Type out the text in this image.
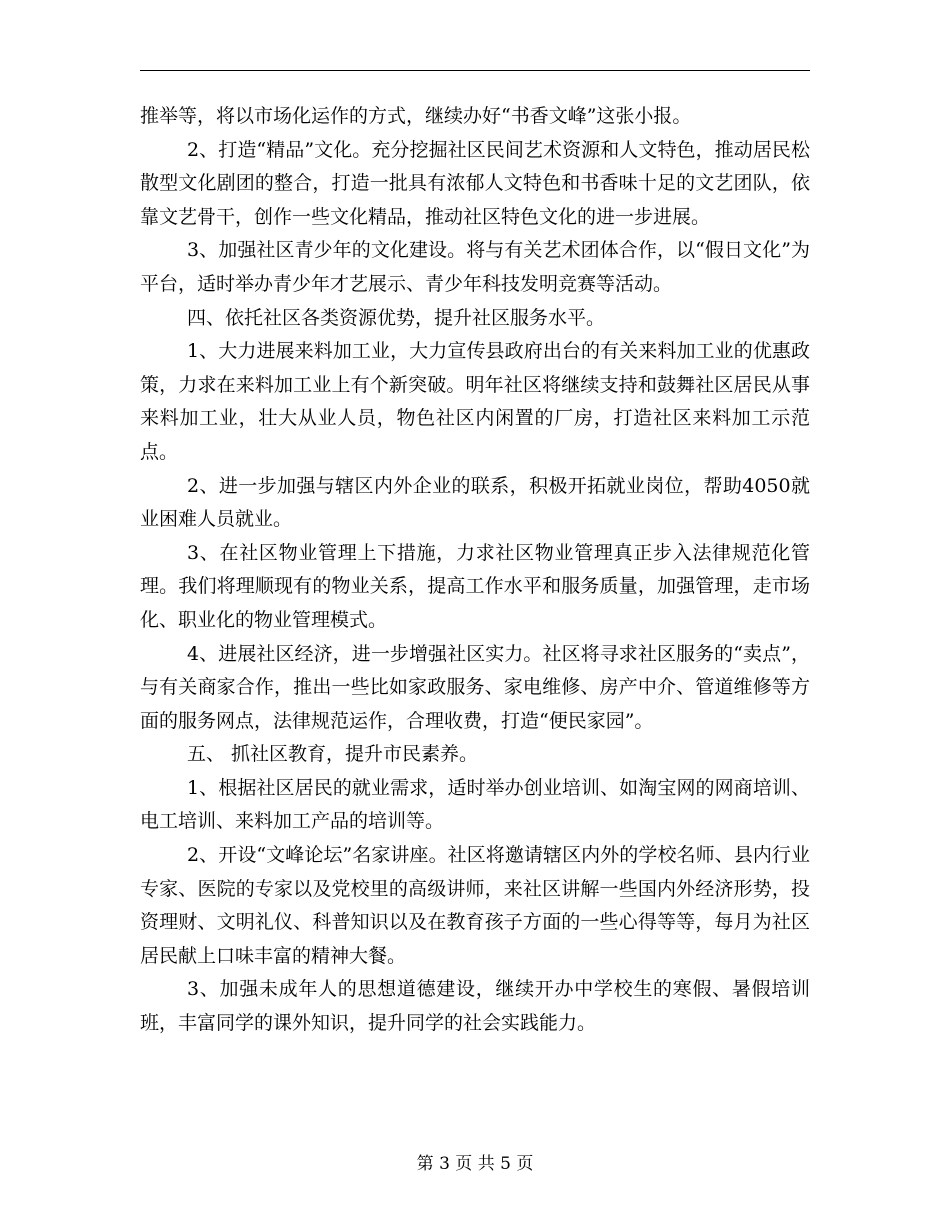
推举等，将以市场化运作的方式，继续办好“书香文峰”这张小报。

2、打造“精品”文化。充分挖掘社区民间艺术资源和人文特色，推动居民松散型文化剧团的整合，打造一批具有浓郁人文特色和书香味十足的文艺团队，依靠文艺骨干，创作一些文化精品，推动社区特色文化的进一步进展。

3、加强社区青少年的文化建设。将与有关艺术团体合作，以“假日文化”为平台，适时举办青少年才艺展示、青少年科技发明竞赛等活动。

四、依托社区各类资源优势，提升社区服务水平。

1、大力进展来料加工业，大力宣传县政府出台的有关来料加工业的优惠政策，力求在来料加工业上有个新突破。明年社区将继续支持和鼓舞社区居民从事来料加工业，壮大从业人员，物色社区内闲置的厂房，打造社区来料加工示范点。

2、进一步加强与辖区内外企业的联系，积极开拓就业岗位，帮助4050就业困难人员就业。

3、在社区物业管理上下措施，力求社区物业管理真正步入法律规范化管理。我们将理顺现有的物业关系，提高工作水平和服务质量，加强管理，走市场化、职业化的物业管理模式。

4、进展社区经济，进一步增强社区实力。社区将寻求社区服务的“卖点”，与有关商家合作，推出一些比如家政服务、家电维修、房产中介、管道维修等方面的服务网点，法律规范运作，合理收费，打造“便民家园”。

五、 抓社区教育，提升市民素养。

1、根据社区居民的就业需求，适时举办创业培训、如淘宝网的网商培训、电工培训、来料加工产品的培训等。

2、开设“文峰论坛”名家讲座。社区将邀请辖区内外的学校名师、县内行业专家、医院的专家以及党校里的高级讲师，来社区讲解一些国内外经济形势，投资理财、文明礼仪、科普知识以及在教育孩子方面的一些心得等等，每月为社区居民献上口味丰富的精神大餐。

3、加强未成年人的思想道德建设，继续开办中学校生的寒假、暑假培训班，丰富同学的课外知识，提升同学的社会实践能力。

第 3 页 共 5 页
